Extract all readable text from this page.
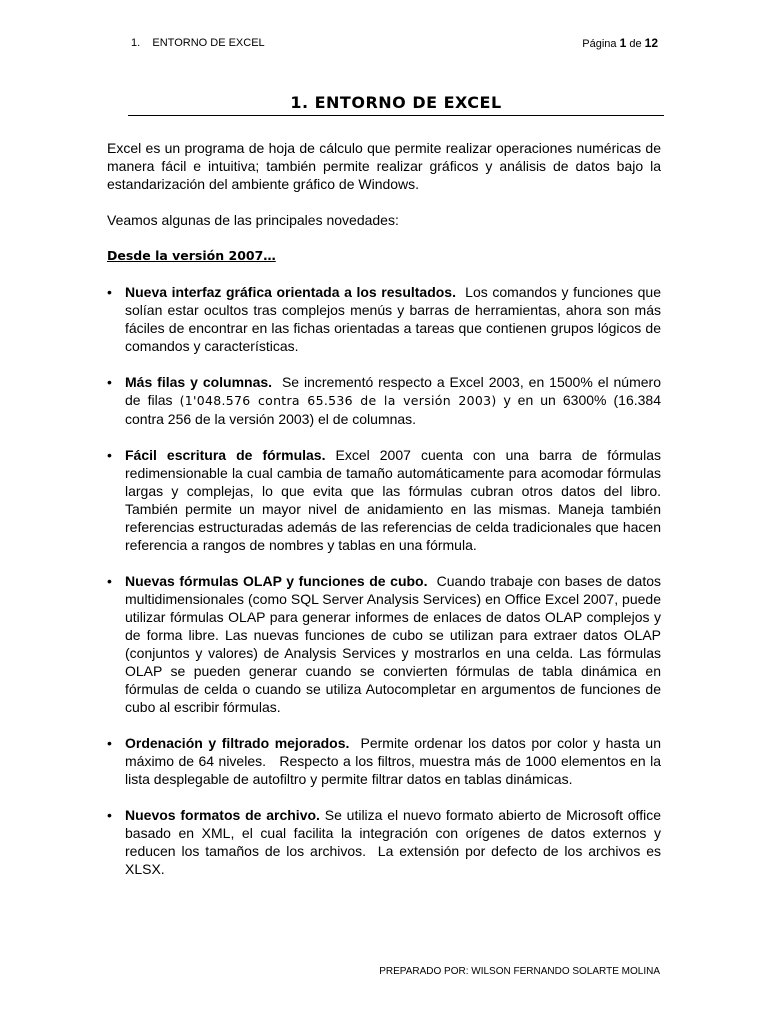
1.    ENTORNO DE EXCEL	Página 1 de 12
1. ENTORNO DE EXCEL

Excel es un programa de hoja de cálculo que permite realizar operaciones numéricas de manera fácil e intuitiva; también permite realizar gráficos y análisis de datos bajo la estandarización del ambiente gráfico de Windows.

Veamos algunas de las principales novedades:

Desde la versión 2007…

• Nueva interfaz gráfica orientada a los resultados.  Los comandos y funciones que solían estar ocultos tras complejos menús y barras de herramientas, ahora son más fáciles de encontrar en las fichas orientadas a tareas que contienen grupos lógicos de comandos y características.
• Más filas y columnas.  Se incrementó respecto a Excel 2003, en 1500% el número de filas (1'048.576 contra 65.536 de la versión 2003) y en un 6300% (16.384 contra 256 de la versión 2003) el de columnas.
• Fácil escritura de fórmulas. Excel 2007 cuenta con una barra de fórmulas redimensionable la cual cambia de tamaño automáticamente para acomodar fórmulas largas y complejas, lo que evita que las fórmulas cubran otros datos del libro.  También permite un mayor nivel de anidamiento en las mismas. Maneja también referencias estructuradas además de las referencias de celda tradicionales que hacen referencia a rangos de nombres y tablas en una fórmula.
• Nuevas fórmulas OLAP y funciones de cubo.  Cuando trabaje con bases de datos multidimensionales (como SQL Server Analysis Services) en Office Excel 2007, puede utilizar fórmulas OLAP para generar informes de enlaces de datos OLAP complejos y de forma libre. Las nuevas funciones de cubo se utilizan para extraer datos OLAP (conjuntos y valores) de Analysis Services y mostrarlos en una celda. Las fórmulas OLAP se pueden generar cuando se convierten fórmulas de tabla dinámica en fórmulas de celda o cuando se utiliza Autocompletar en argumentos de funciones de cubo al escribir fórmulas.
• Ordenación y filtrado mejorados.  Permite ordenar los datos por color y hasta un máximo de 64 niveles.   Respecto a los filtros, muestra más de 1000 elementos en la lista desplegable de autofiltro y permite filtrar datos en tablas dinámicas.
• Nuevos formatos de archivo. Se utiliza el nuevo formato abierto de Microsoft office basado en XML, el cual facilita la integración con orígenes de datos externos y reducen los tamaños de los archivos.  La extensión por defecto de los archivos es XLSX.
PREPARADO POR: WILSON FERNANDO SOLARTE MOLINA
